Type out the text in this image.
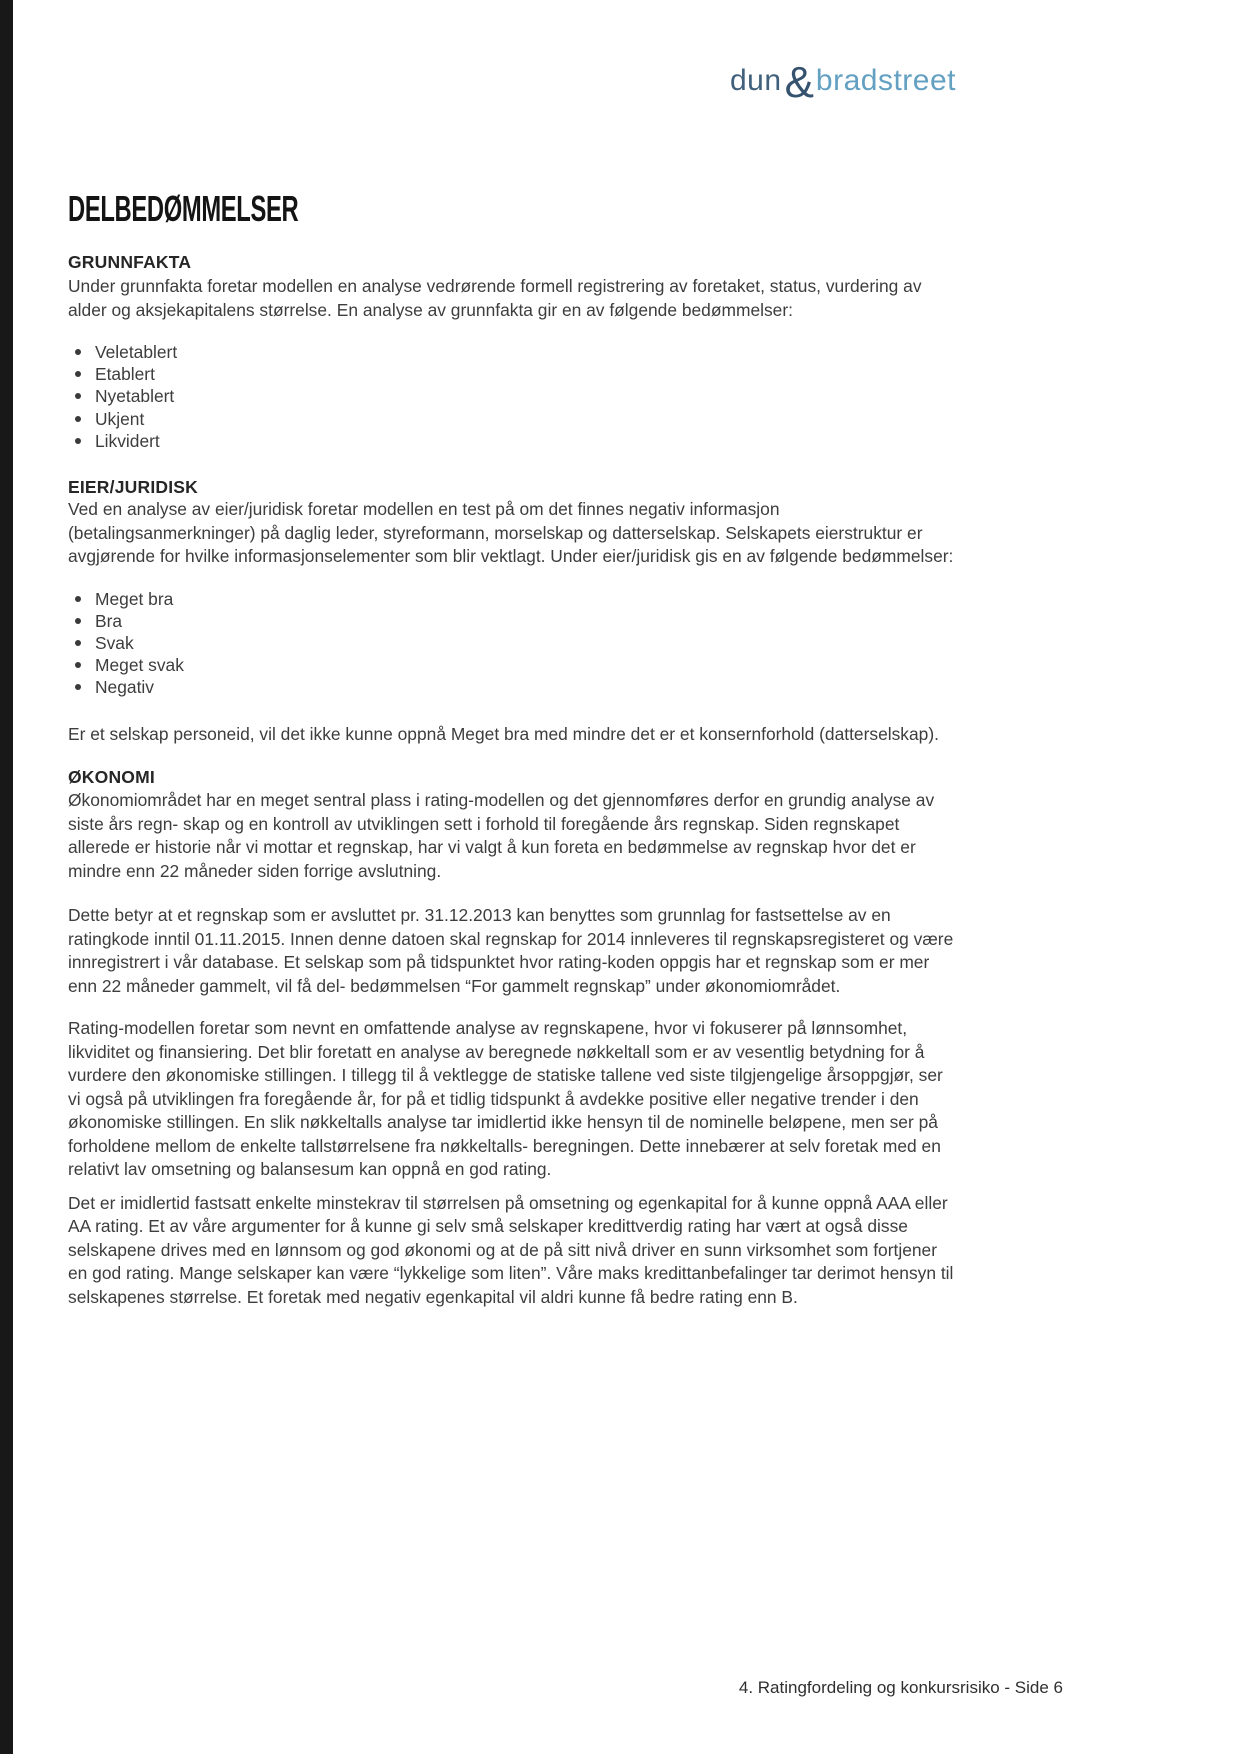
dun&bradstreet
DELBEDØMMELSER
GRUNNFAKTA

Under grunnfakta foretar modellen en analyse vedrørende formell registrering av foretaket, status, vurdering av alder og aksjekapitalens størrelse. En analyse av grunnfakta gir en av følgende bedømmelser:

Veletablert
Etablert
Nyetablert
Ukjent
Likvidert
EIER/JURIDISK

Ved en analyse av eier/juridisk foretar modellen en test på om det finnes negativ informasjon (betalingsanmerkninger) på daglig leder, styreformann, morselskap og datterselskap. Selskapets eierstruktur er avgjørende for hvilke informasjonselementer som blir vektlagt. Under eier/juridisk gis en av følgende bedømmelser:

Meget bra
Bra
Svak
Meget svak
Negativ

Er et selskap personeid, vil det ikke kunne oppnå Meget bra med mindre det er et konsernforhold (datterselskap).

ØKONOMI

Økonomiområdet har en meget sentral plass i rating-modellen og det gjennomføres derfor en grundig analyse av siste års regn- skap og en kontroll av utviklingen sett i forhold til foregående års regnskap. Siden regnskapet allerede er historie når vi mottar et regnskap, har vi valgt å kun foreta en bedømmelse av regnskap hvor det er mindre enn 22 måneder siden forrige avslutning.

Dette betyr at et regnskap som er avsluttet pr. 31.12.2013 kan benyttes som grunnlag for fastsettelse av en ratingkode inntil 01.11.2015. Innen denne datoen skal regnskap for 2014 innleveres til regnskapsregisteret og være innregistrert i vår database. Et selskap som på tidspunktet hvor rating-koden oppgis har et regnskap som er mer enn 22 måneder gammelt, vil få del- bedømmelsen “For gammelt regnskap” under økonomiområdet.

Rating-modellen foretar som nevnt en omfattende analyse av regnskapene, hvor vi fokuserer på lønnsomhet, likviditet og finansiering. Det blir foretatt en analyse av beregnede nøkkeltall som er av vesentlig betydning for å vurdere den økonomiske stillingen. I tillegg til å vektlegge de statiske tallene ved siste tilgjengelige årsoppgjør, ser vi også på utviklingen fra foregående år, for på et tidlig tidspunkt å avdekke positive eller negative trender i den økonomiske stillingen. En slik nøkkeltalls analyse tar imidlertid ikke hensyn til de nominelle beløpene, men ser på forholdene mellom de enkelte tallstørrelsene fra nøkkeltalls- beregningen. Dette innebærer at selv foretak med en relativt lav omsetning og balansesum kan oppnå en god rating.

Det er imidlertid fastsatt enkelte minstekrav til størrelsen på omsetning og egenkapital for å kunne oppnå AAA eller AA rating. Et av våre argumenter for å kunne gi selv små selskaper kredittverdig rating har vært at også disse selskapene drives med en lønnsom og god økonomi og at de på sitt nivå driver en sunn virksomhet som fortjener en god rating. Mange selskaper kan være “lykkelige som liten”. Våre maks kredittanbefalinger tar derimot hensyn til selskapenes størrelse. Et foretak med negativ egenkapital vil aldri kunne få bedre rating enn B.

4. Ratingfordeling og konkursrisiko - Side 6
